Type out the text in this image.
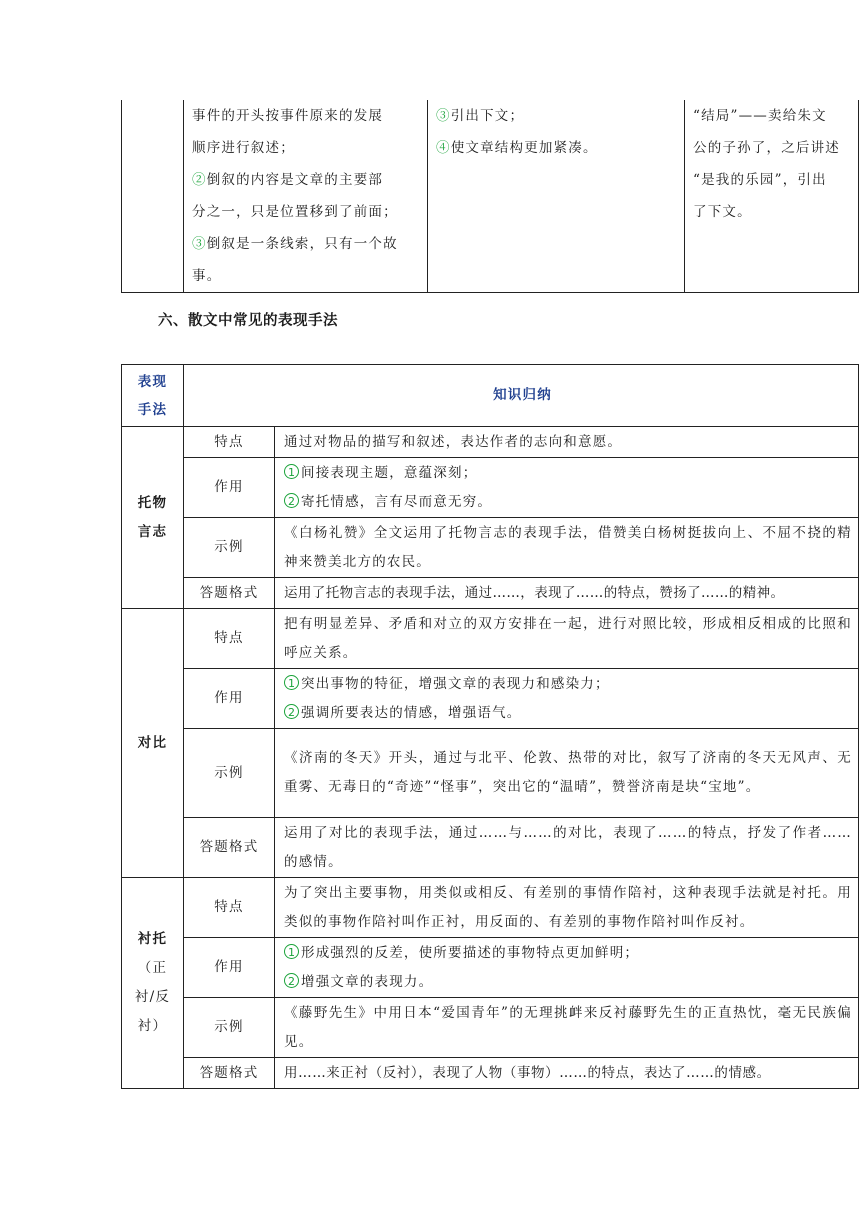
事件的开头按事件原来的发展
顺序进行叙述；
②倒叙的内容是文章的主要部
分之一，只是位置移到了前面；
③倒叙是一条线索，只有一个故
事。

③引出下文；
④使文章结构更加紧凑。

“结局”——卖给朱文
公的子孙了，之后讲述
“是我的乐园”，引出
了下文。
六、散文中常见的表现手法
表现
手法	知识归纳	

托物
言志	特点	通过对物品的描写和叙述，表达作者的志向和意愿。
	作用	1 间接表现主题，意蕴深刻；
2 寄托情感，言有尽而意无穷。

	示例	《白杨礼赞》全文运用了托物言志的表现手法，借赞美白杨树挺拔向上、不屈不挠的精神来赞美北方的农民。
	答题格式	运用了托物言志的表现手法，通过……，表现了……的特点，赞扬了……的精神。

对比	特点	把有明显差异、矛盾和对立的双方安排在一起，进行对照比较，形成相反相成的比照和呼应关系。
	作用	1 突出事物的特征，增强文章的表现力和感染力；
2 强调所要表达的情感，增强语气。

	示例	《济南的冬天》开头，通过与北平、伦敦、热带的对比，叙写了济南的冬天无风声、无重雾、无毒日的“奇迹”“怪事”，突出它的“温晴”，赞誉济南是块“宝地”。
	答题格式	运用了对比的表现手法，通过……与……的对比，表现了……的特点，抒发了作者……的感情。

衬托
（正
衬/反
衬）	特点	为了突出主要事物，用类似或相反、有差别的事情作陪衬，这种表现手法就是衬托。用类似的事物作陪衬叫作正衬，用反面的、有差别的事物作陪衬叫作反衬。
	作用	1 形成强烈的反差，使所要描述的事物特点更加鲜明；
2 增强文章的表现力。

	示例	《藤野先生》中用日本“爱国青年”的无理挑衅来反衬藤野先生的正直热忱，毫无民族偏见。
	答题格式	用……来正衬（反衬），表现了人物（事物）……的特点，表达了……的情感。
